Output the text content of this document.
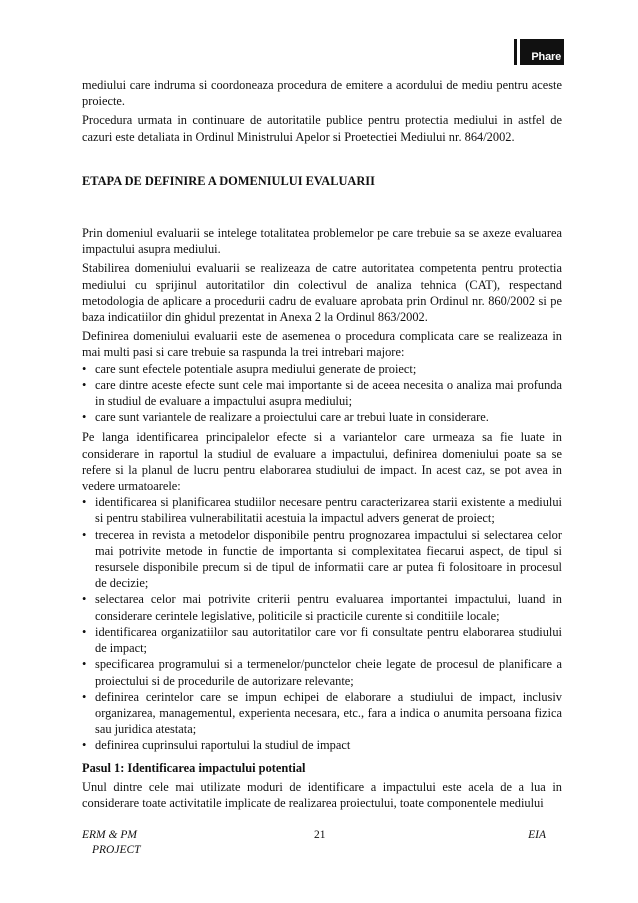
Phare

mediului care indruma si coordoneaza procedura de emitere a acordului de mediu pentru aceste proiecte.

Procedura urmata in continuare de autoritatile publice pentru protectia mediului in astfel de cazuri este detaliata in Ordinul Ministrului Apelor si Proetectiei Mediului nr. 864/2002.

ETAPA DE DEFINIRE A DOMENIULUI EVALUARII

Prin domeniul evaluarii se intelege totalitatea problemelor pe care trebuie sa se axeze evaluarea impactului asupra mediului.

Stabilirea domeniului evaluarii se realizeaza de catre autoritatea competenta pentru protectia mediului cu sprijinul autoritatilor din colectivul de analiza tehnica (CAT), respectand metodologia de aplicare a procedurii cadru de evaluare aprobata prin Ordinul nr. 860/2002 si pe baza indicatiilor din ghidul prezentat in Anexa 2 la Ordinul 863/2002.

Definirea domeniului evaluarii este de asemenea o procedura complicata care se realizeaza in mai multi pasi si care trebuie sa raspunda la trei intrebari majore:

• care sunt efectele potentiale asupra mediului generate de proiect;
• care dintre aceste efecte sunt cele mai importante si de aceea necesita o analiza mai profunda in studiul de evaluare a impactului asupra mediului;
• care sunt variantele de realizare a proiectului care ar trebui luate in considerare.

Pe langa identificarea principalelor efecte si a variantelor care urmeaza sa fie luate in considerare in raportul la studiul de evaluare a impactului, definirea domeniului poate sa se refere si la planul de lucru pentru elaborarea studiului de impact. In acest caz, se pot avea in vedere urmatoarele:

• identificarea si planificarea studiilor necesare pentru caracterizarea starii existente a mediului si pentru stabilirea vulnerabilitatii acestuia la impactul advers generat de proiect;
• trecerea in revista a metodelor disponibile pentru prognozarea impactului si selectarea celor mai potrivite metode in functie de importanta si complexitatea fiecarui aspect, de tipul si resursele disponibile precum si de tipul de informatii care ar putea fi folositoare in procesul de decizie;
• selectarea celor mai potrivite criterii pentru evaluarea importantei impactului, luand in considerare cerintele legislative, politicile si practicile curente si conditiile locale;
• identificarea organizatiilor sau autoritatilor care vor fi consultate pentru elaborarea studiului de impact;
• specificarea programului si a termenelor/punctelor cheie legate de procesul de planificare a proiectului si de procedurile de autorizare relevante;
• definirea cerintelor care se impun echipei de elaborare a studiului de impact, inclusiv organizarea, managementul, experienta necesara, etc., fara a indica o anumita persoana fizica sau juridica atestata;
• definirea cuprinsului raportului la studiul de impact

Pasul 1: Identificarea impactului potential

Unul dintre cele mai utilizate moduri de identificare a impactului este acela de a lua in considerare toate activitatile implicate de realizarea proiectului, toate componentele mediului

ERM & PM
PROJECT
21	EIA
